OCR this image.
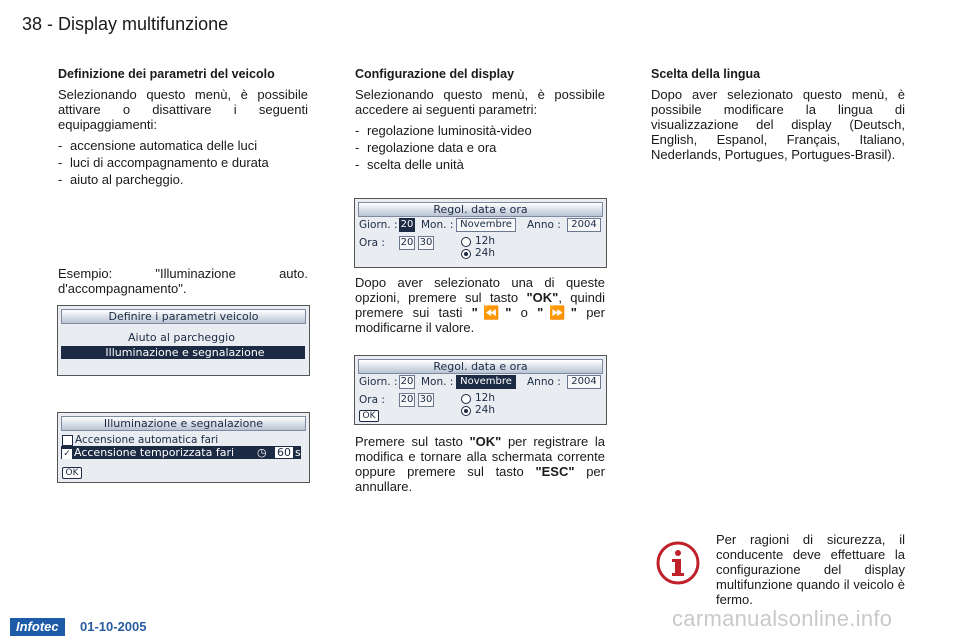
38 - Display multifunzione
Definizione dei parametri del veicolo

Selezionando questo menù, è possibile attivare o disattivare i seguenti equipaggiamenti:

- accensione automatica delle luci
- luci di accompagnamento e durata
- aiuto al parcheggio.

Esempio: "Illuminazione auto. d'accompagnamento".

Definire i parametri veicolo
Aiuto al parcheggio
Illuminazione e segnalazione
Illuminazione e segnalazione
Accensione automatica fari
✓ Accensione temporizzata fari ◷ 60 s
OK
Configurazione del display

Selezionando questo menù, è possibile accedere ai seguenti parametri:

- regolazione luminosità-video
- regolazione data e ora
- scelta delle unità
Regol. data e ora
Giorn. : 20 Mon. : Novembre	Anno :	2004
Ora : 20 30	12h
24h

Dopo aver selezionato una di queste opzioni, premere sul tasto "OK", quindi premere sui tasti "⏪" o "⏩" per modificarne il valore.

Regol. data e ora
Giorn. : 20 Mon. : Novembre	Anno :	2004
Ora : 20 30	12h
24h
OK

Premere sul tasto "OK" per registrare la modifica e tornare alla schermata corrente oppure premere sul tasto "ESC" per annullare.

Scelta della lingua

Dopo aver selezionato questo menù, è possibile modificare la lingua di visualizzazione del display (Deutsch, English, Espanol, Français, Italiano, Nederlands, Portugues, Portugues-Brasil).

Per ragioni di sicurezza, il conducente deve effettuare la configurazione del display multifunzione quando il veicolo è fermo.
Infotec	01-10-2005	carmanualsonline.info
